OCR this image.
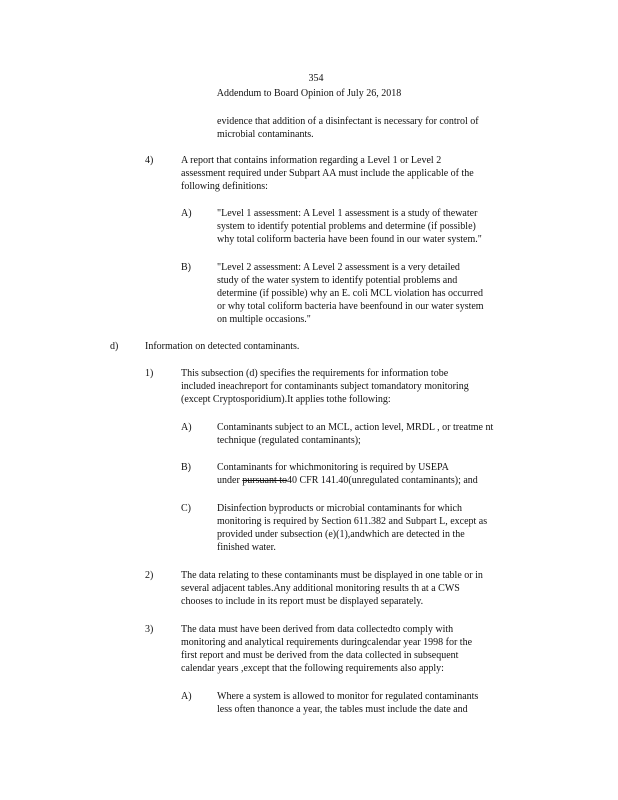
354
Addendum to Board Opinion of July 26, 2018
evidence that addition of a disinfectant is necessary for control of
microbial contaminants.
4)	A report that contains information regarding a Level 1 or Level 2
assessment required under Subpart AA must include the applicable of the
following definitions:
A)	"Level 1 assessment: A Level 1 assessment is a study of thewater
system to identify potential problems and determine (if possible)
why total coliform bacteria have been found in our water system."
B)	"Level 2 assessment: A Level 2 assessment is a very detailed
study of the water system to identify potential problems and
determine (if possible) why an E. coli MCL violation has occurred
or why total coliform bacteria have beenfound in our water system
on multiple occasions."
d)	Information on detected contaminants.
1)	This subsection (d) specifies the requirements for information tobe
included ineachreport for contaminants subject tomandatory monitoring
(except Cryptosporidium).It applies tothe following:
A)	Contaminants subject to an MCL, action level, MRDL , or treatme nt
technique (regulated contaminants);
B)	Contaminants for whichmonitoring is required by USEPA
under pursuant to40 CFR 141.40(unregulated contaminants); and
C)	Disinfection byproducts or microbial contaminants for which
monitoring is required by Section 611.382 and Subpart L, except as
provided under subsection (e)(1),andwhich are detected in the
finished water.
2)	The data relating to these contaminants must be displayed in one table or in
several adjacent tables.Any additional monitoring results th at a CWS
chooses to include in its report must be displayed separately.
3)	The data must have been derived from data collectedto comply with
monitoring and analytical requirements duringcalendar year 1998 for the
first report and must be derived from the data collected in subsequent
calendar years ,except that the following requirements also apply:
A)	Where a system is allowed to monitor for regulated contaminants
less often thanonce a year, the tables must include the date and
